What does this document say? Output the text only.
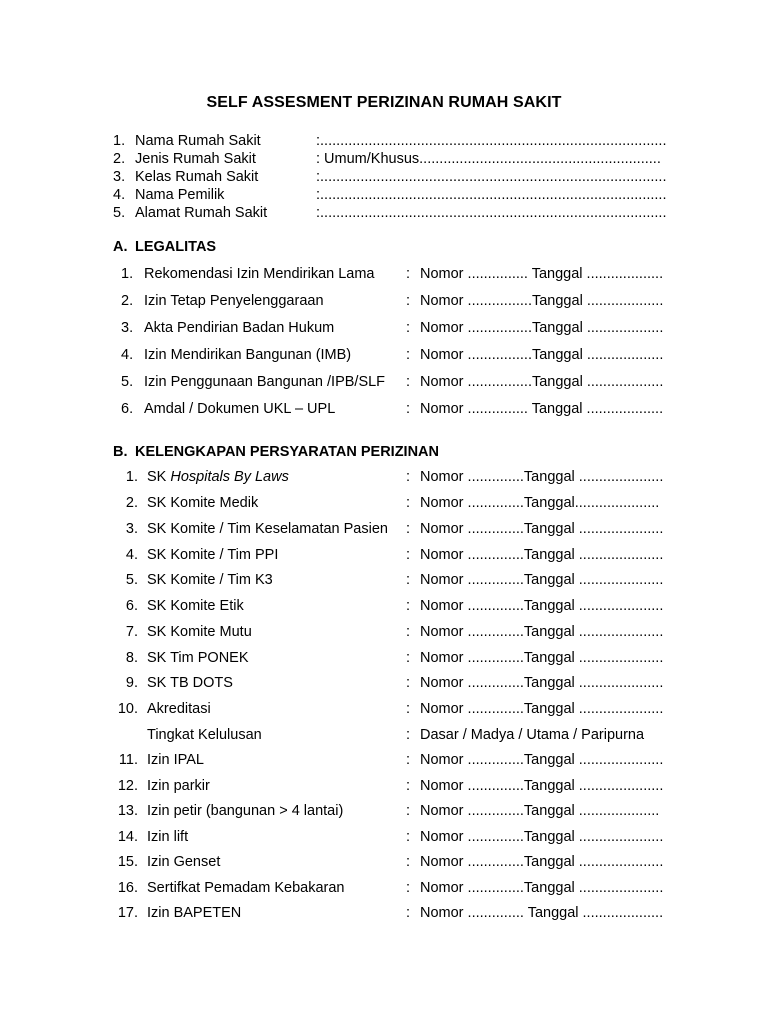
SELF ASSESMENT PERIZINAN RUMAH SAKIT
1. Nama Rumah Sakit	:......................................................................................
2. Jenis Rumah Sakit	: Umum/Khusus............................................................
3. Kelas Rumah Sakit	:......................................................................................
4. Nama Pemilik	:......................................................................................
5. Alamat Rumah Sakit	:......................................................................................
A. LEGALITAS
1. Rekomendasi Izin Mendirikan Lama : Nomor ............... Tanggal ...................
2. Izin Tetap Penyelenggaraan	: Nomor ................Tanggal ...................
3. Akta Pendirian Badan Hukum	: Nomor ................Tanggal ...................
4. Izin Mendirikan Bangunan (IMB)	: Nomor ................Tanggal ...................
5. Izin Penggunaan Bangunan /IPB/SLF : Nomor ................Tanggal ...................
6. Amdal / Dokumen UKL – UPL	: Nomor ............... Tanggal ...................
B. KELENGKAPAN PERSYARATAN PERIZINAN
1. SK Hospitals By Laws	: Nomor ..............Tanggal .....................
2. SK Komite Medik	: Nomor ..............Tanggal.....................
3. SK Komite / Tim Keselamatan Pasien : Nomor ..............Tanggal .....................
4. SK Komite / Tim PPI	: Nomor ..............Tanggal .....................
5. SK Komite / Tim K3	: Nomor ..............Tanggal .....................
6. SK Komite Etik	: Nomor ..............Tanggal .....................
7. SK Komite Mutu	: Nomor ..............Tanggal .....................
8. SK Tim PONEK	: Nomor ..............Tanggal .....................
9. SK TB DOTS	: Nomor ..............Tanggal .....................
10. Akreditasi	: Nomor ..............Tanggal .....................
Tingkat Kelulusan	: Dasar / Madya / Utama / Paripurna
11. Izin IPAL	: Nomor ..............Tanggal .....................
12. Izin parkir	: Nomor ..............Tanggal .....................
13. Izin petir (bangunan > 4 lantai)	: Nomor ..............Tanggal ....................
14. Izin lift	: Nomor ..............Tanggal .....................
15. Izin Genset	: Nomor ..............Tanggal .....................
16. Sertifkat Pemadam Kebakaran	: Nomor ..............Tanggal .....................
17. Izin BAPETEN	: Nomor .............. Tanggal ....................
